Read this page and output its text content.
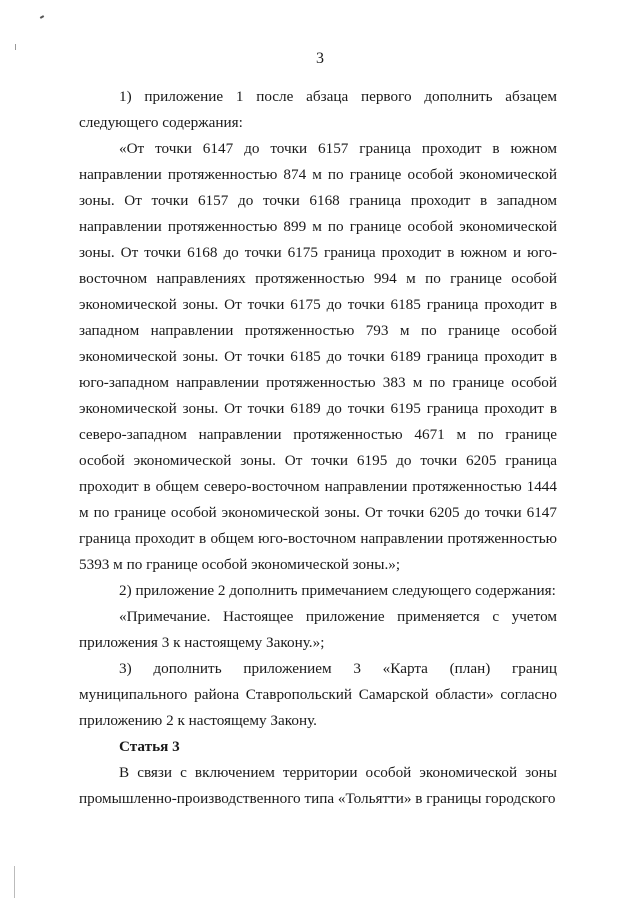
3

1) приложение 1 после абзаца первого дополнить абзацем следующего содержания:

«От точки 6147 до точки 6157 граница проходит в южном направлении протяженностью 874 м по границе особой экономической зоны. От точки 6157 до точки 6168 граница проходит в западном направлении протяженностью 899 м по границе особой экономической зоны. От точки 6168 до точки 6175 граница проходит в южном и юго-восточном направлениях протяженностью 994 м по границе особой экономической зоны. От точки 6175 до точки 6185 граница проходит в западном направлении протяженностью 793 м по границе особой экономической зоны. От точки 6185 до точки 6189 граница проходит в юго-западном направлении протяженностью 383 м по границе особой экономической зоны. От точки 6189 до точки 6195 граница проходит в северо-западном направлении протяженностью 4671 м по границе особой экономической зоны. От точки 6195 до точки 6205 граница проходит в общем северо-восточном направлении протяженностью 1444 м по границе особой экономической зоны. От точки 6205 до точки 6147 граница проходит в общем юго-восточном направлении протяженностью 5393 м по границе особой экономической зоны.»;

2) приложение 2 дополнить примечанием следующего содержания:

«Примечание. Настоящее приложение применяется с учетом приложения 3 к настоящему Закону.»;

3) дополнить приложением 3 «Карта (план) границ муниципального района Ставропольский Самарской области» согласно приложению 2 к настоящему Закону.

Статья 3

В связи с включением территории особой экономической зоны промышленно-производственного типа «Тольятти» в границы городского
